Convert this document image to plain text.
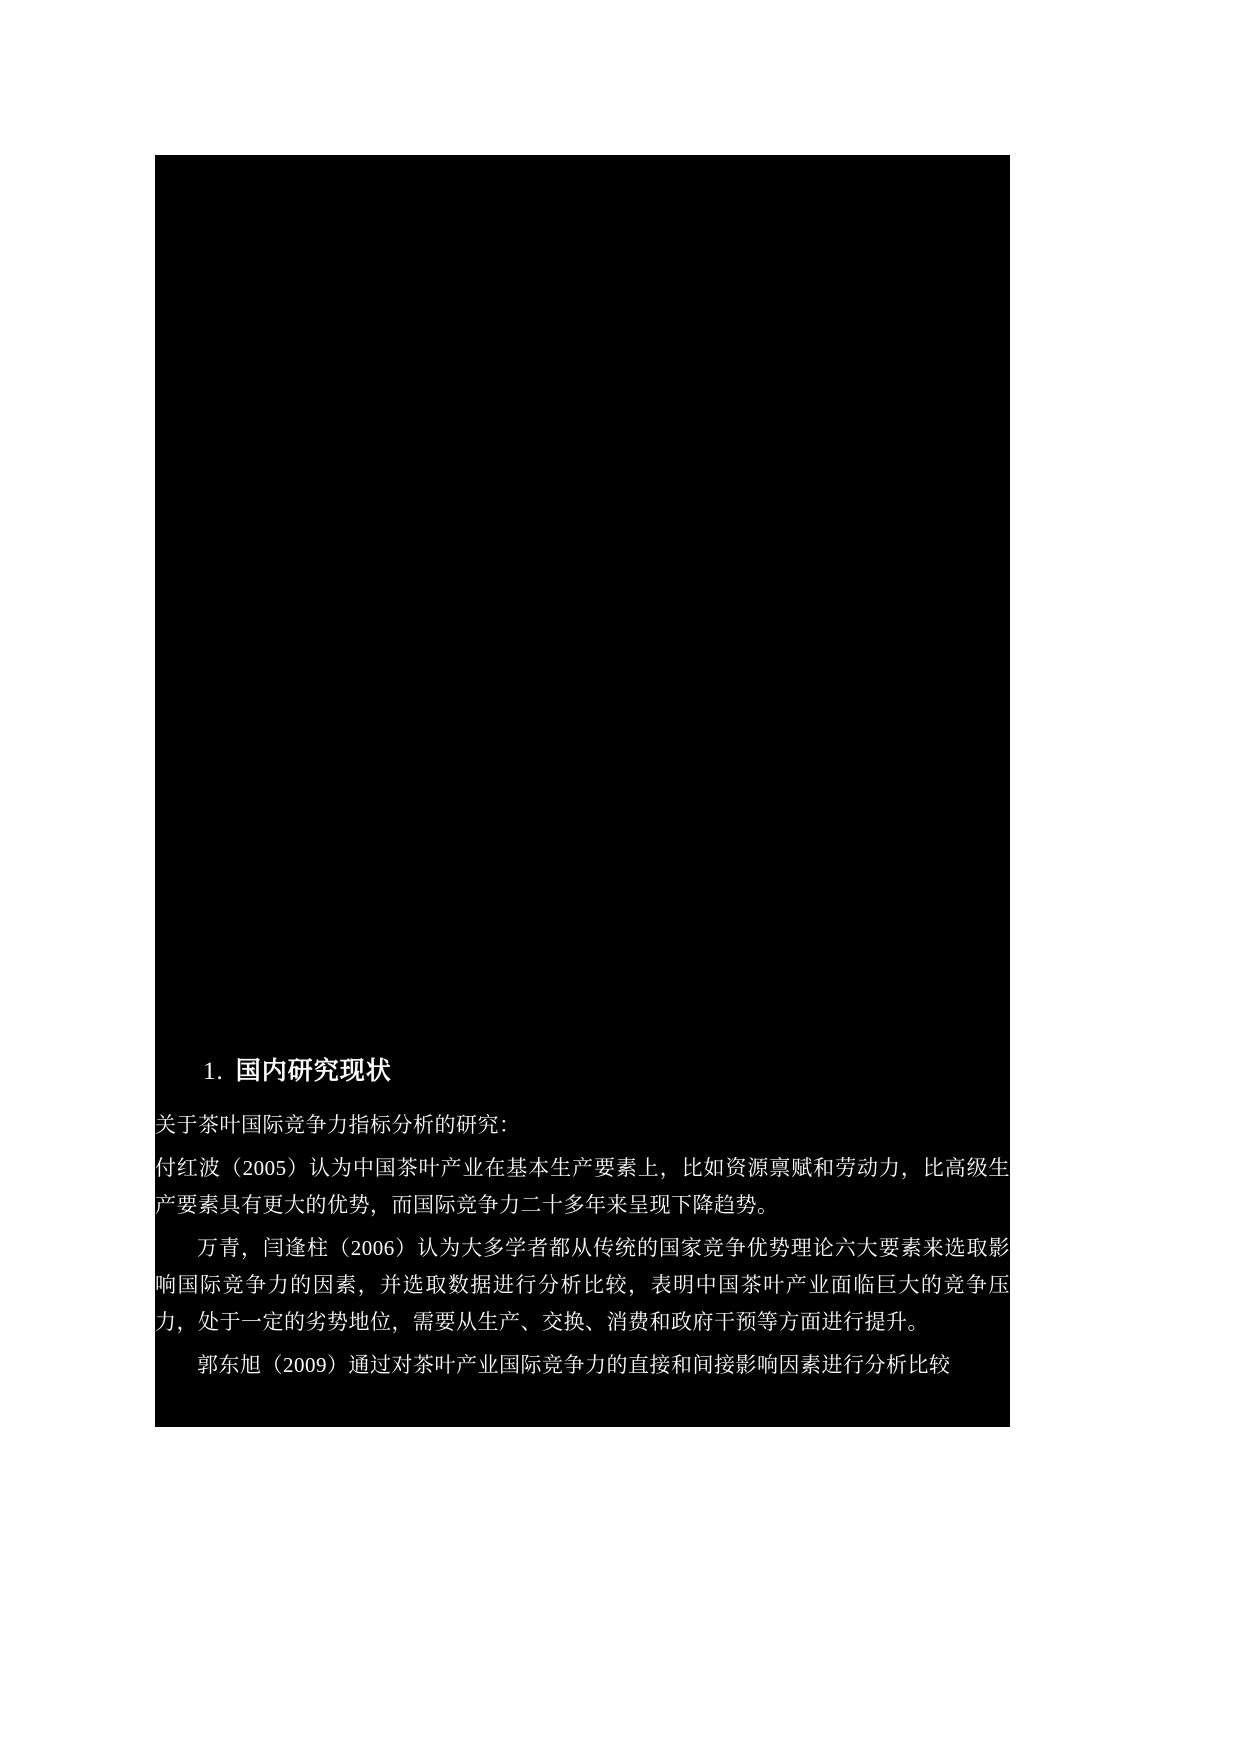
1. 国内研究现状

关于茶叶国际竞争力指标分析的研究：

付红波（2005）认为中国茶叶产业在基本生产要素上，比如资源禀赋和劳动力，比高级生产要素具有更大的优势，而国际竞争力二十多年来呈现下降趋势。

万青，闫逢柱（2006）认为大多学者都从传统的国家竞争优势理论六大要素来选取影响国际竞争力的因素，并选取数据进行分析比较，表明中国茶叶产业面临巨大的竞争压力，处于一定的劣势地位，需要从生产、交换、消费和政府干预等方面进行提升。

郭东旭（2009）通过对茶叶产业国际竞争力的直接和间接影响因素进行分析比较
